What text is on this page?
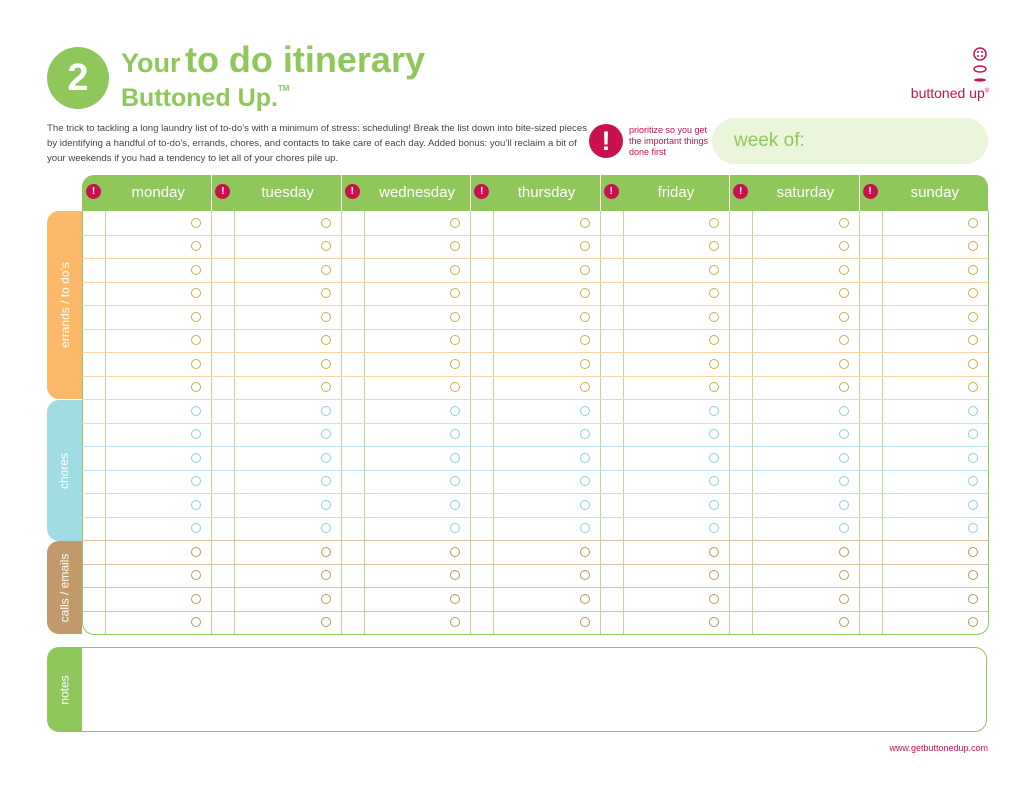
2	Your to do itinerary
Buttoned Up.™	buttoned up®
The trick to tackling a long laundry list of to-do’s with a minimum of stress: scheduling! Break the list down into bite-sized pieces by identifying a handful of to-do’s, errands, chores, and contacts to take care of each day. Added bonus: you’ll reclaim a bit of your weekends if you had a tendency to let all of your chores pile up.
!	prioritize so you get the important things done first
week of:
!	monday	!	tuesday	!	wednesday	!	thursday	!	friday	!	saturday	!	sunday
errands / to do’s
chores
calls / emails
notes
www.getbuttonedup.com
